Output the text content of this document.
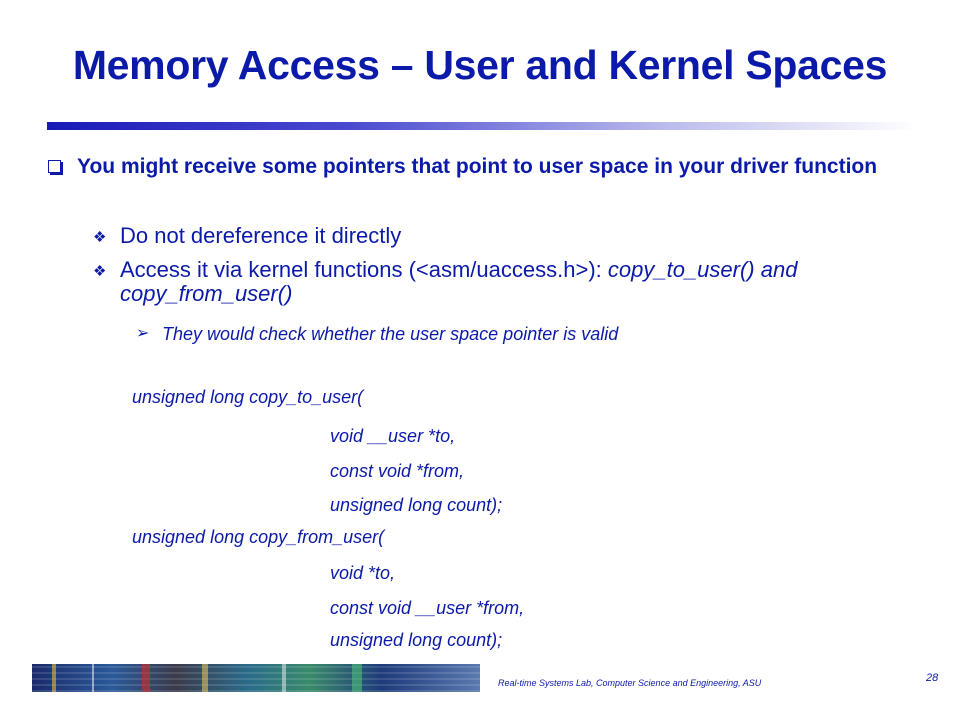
Memory Access – User and Kernel Spaces
You might receive some pointers that point to user space in your driver function
❖ Do not dereference it directly
❖ Access it via kernel functions (<asm/uaccess.h>): copy_to_user() and copy_from_user()
➢ They would check whether the user space pointer is valid
unsigned long copy_to_user(
void __user *to,
const void *from,
unsigned long count);
unsigned long copy_from_user(
void *to,
const void __user *from,
unsigned long count);
Real-time Systems Lab, Computer Science and Engineering, ASU	28
